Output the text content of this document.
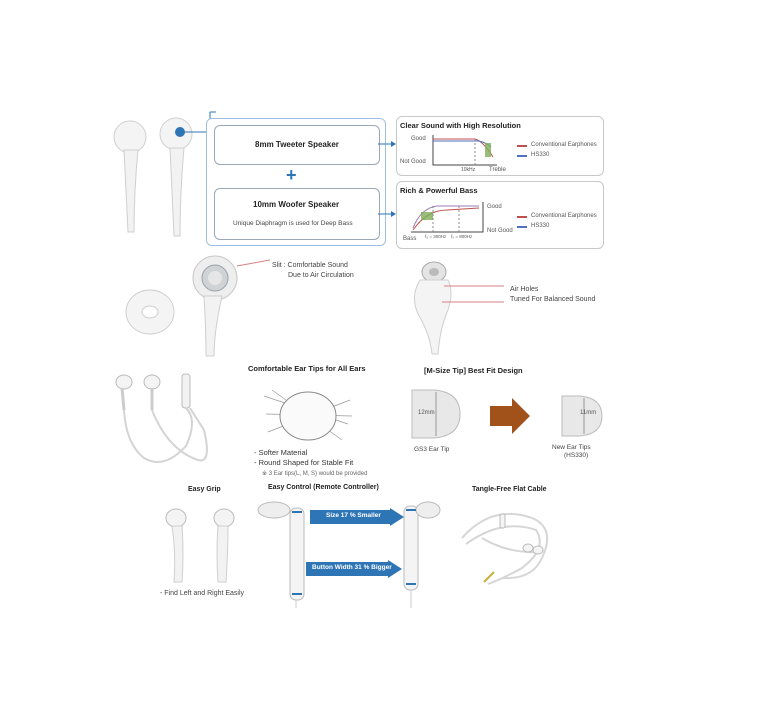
8mm Tweeter Speaker
+
10mm Woofer Speaker
Unique Diaphragm is used for Deep Bass
Clear Sound with High Resolution
Good
Not Good
10kHz Treble
Conventional Earphones
HS330
Rich & Powerful Bass
Good
Not Good
Bass f₀ = 300Hz f₀ = 800Hz
Conventional Earphones
HS330
Slit : Comfortable Sound
Due to Air Circulation
Air Holes
Tuned For Balanced Sound
Comfortable Ear Tips for All Ears
- Softer Material
- Round Shaped for Stable Fit
※ 3 Ear tips(L, M, S) would be provided
[M-Size Tip] Best Fit Design
12mm
GS3 Ear Tip
11mm
New Ear Tips
(HS330)
Easy Grip
- Find Left and Right Easily
Easy Control (Remote Controller)
Size 17 % Smaller
Button Width 31 % Bigger
Tangle-Free Flat Cable
